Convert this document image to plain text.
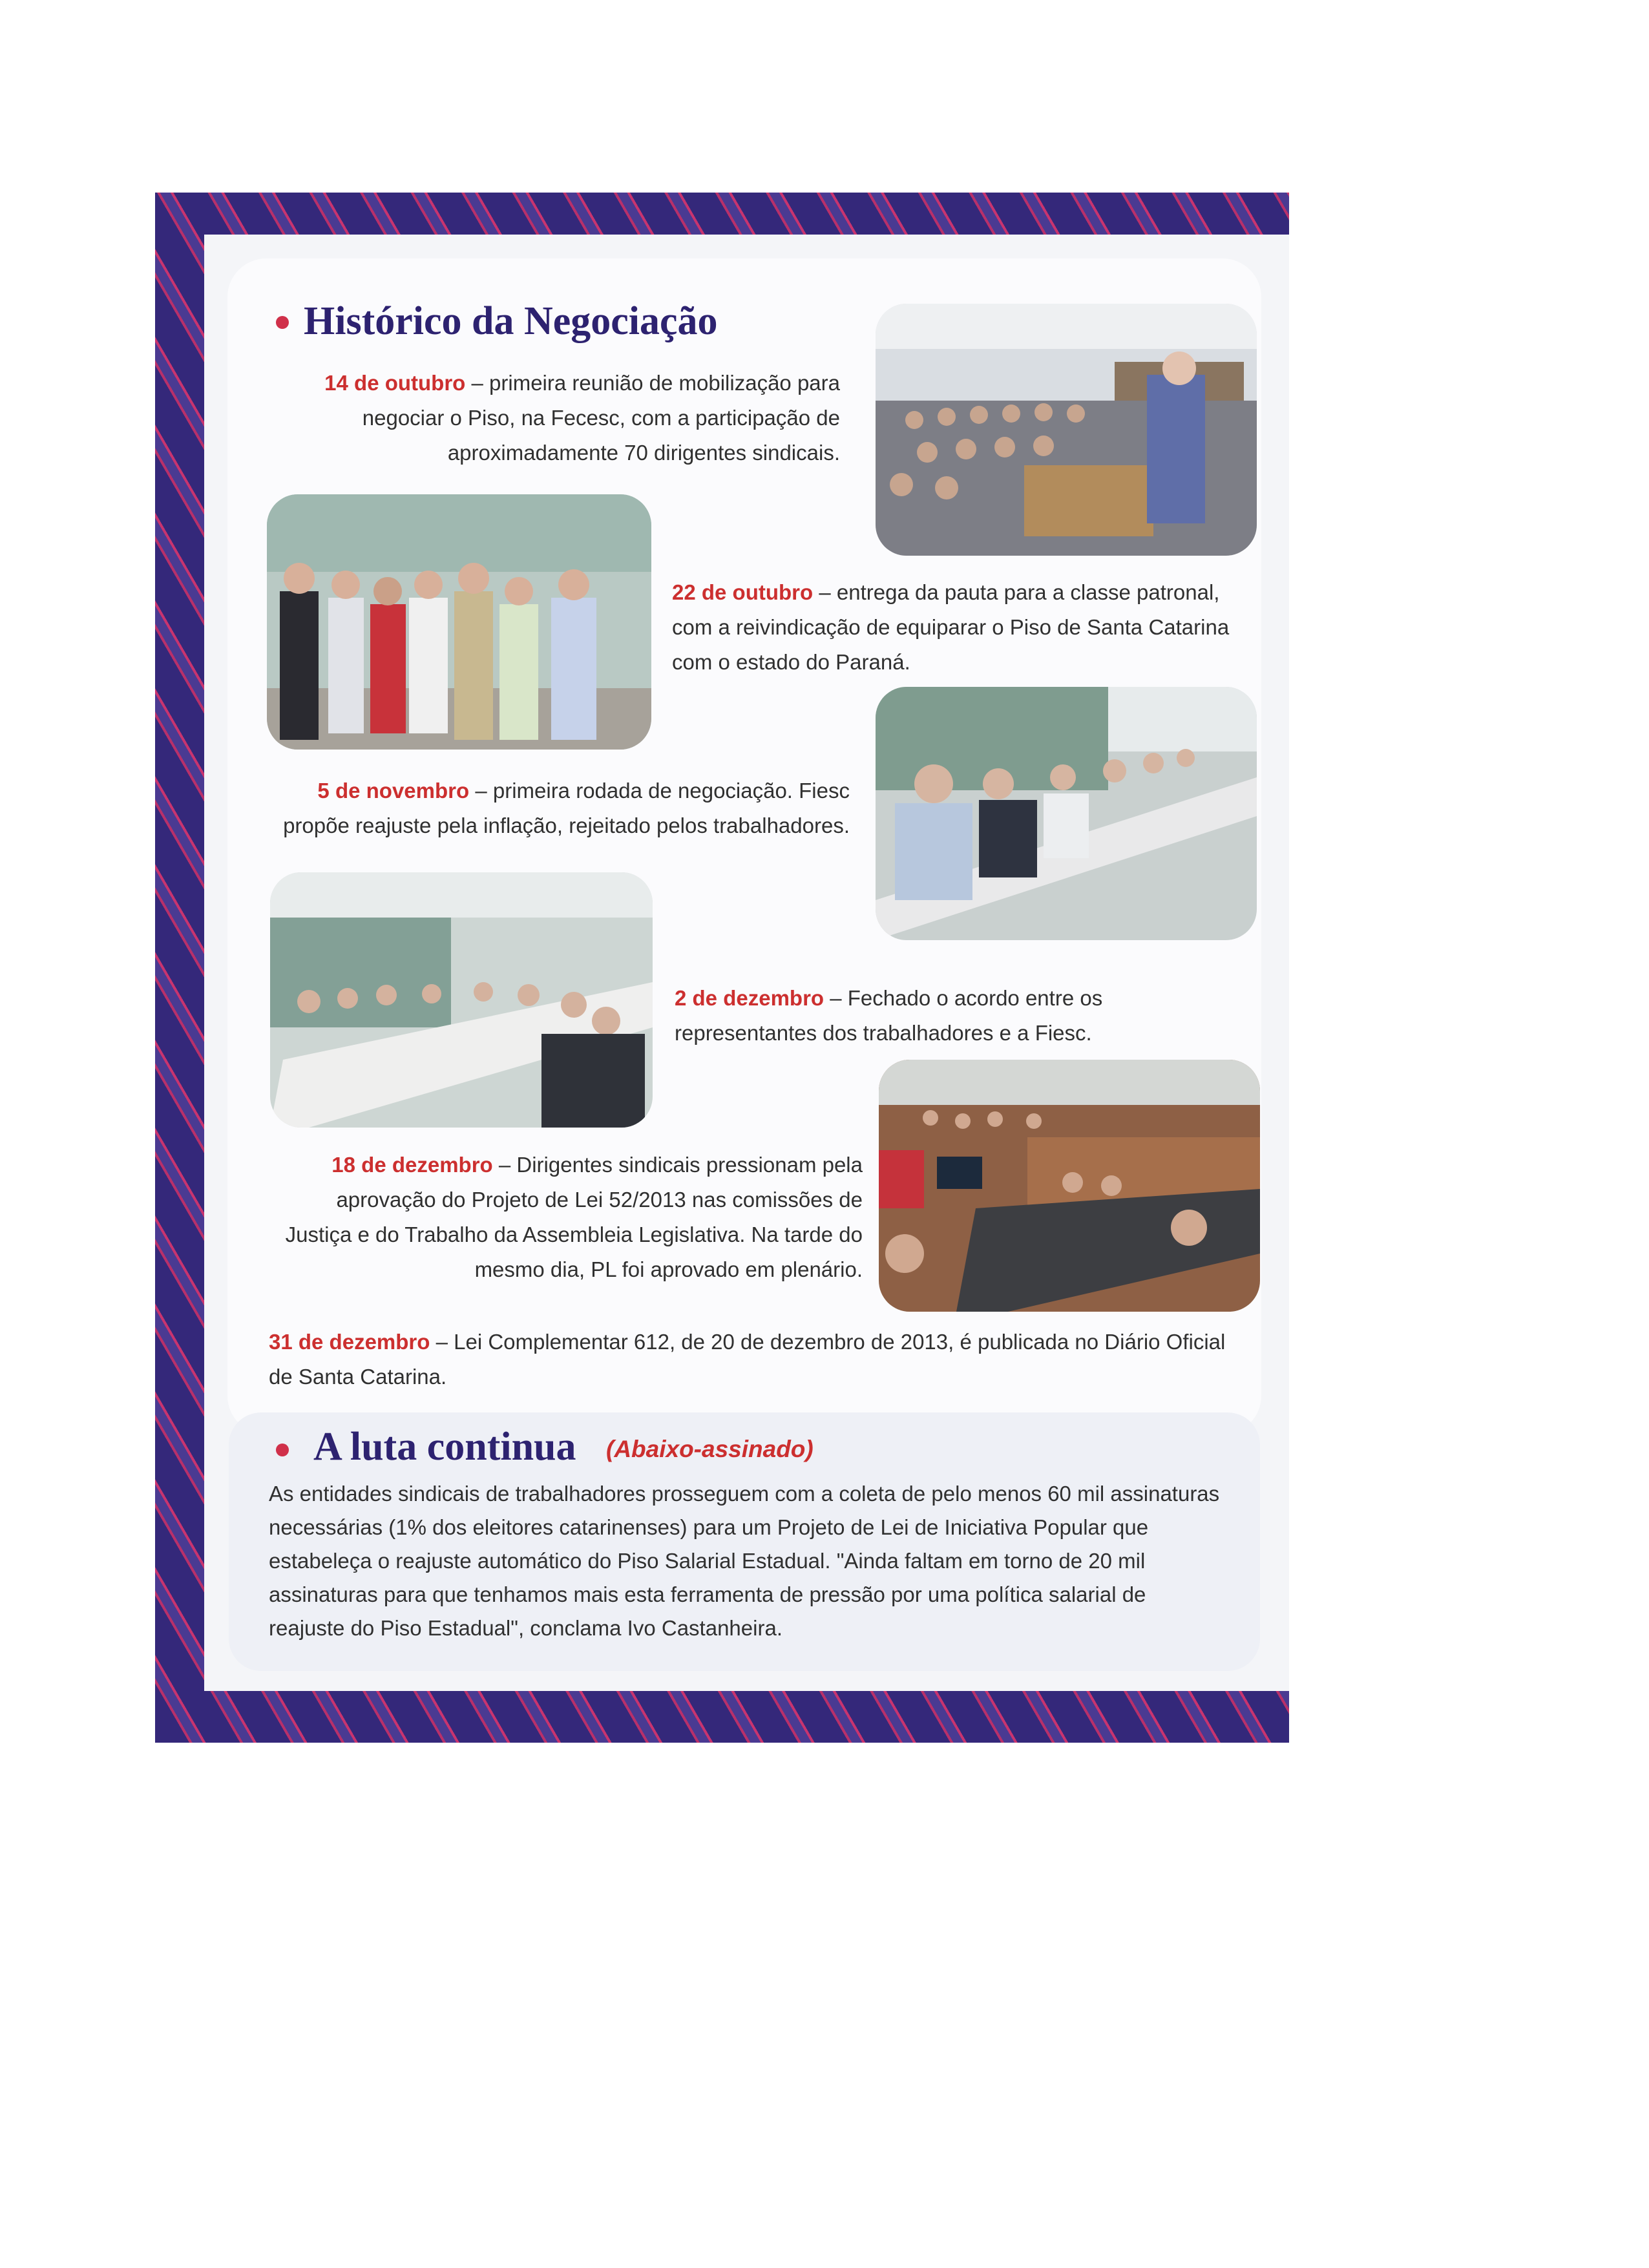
Histórico da Negociação
14 de outubro – primeira reunião de mobilização para negociar o Piso, na Fecesc, com a participação de aproximadamente 70 dirigentes sindicais.
22 de outubro – entrega da pauta para a classe patronal, com a reivindicação de equiparar o Piso de Santa Catarina com o estado do Paraná.
5 de novembro – primeira rodada de negociação. Fiesc propõe reajuste pela inflação, rejeitado pelos trabalhadores.
2 de dezembro – Fechado o acordo entre os representantes dos trabalhadores e a Fiesc.
18 de dezembro – Dirigentes sindicais pressionam pela aprovação do Projeto de Lei 52/2013 nas comissões de Justiça e do Trabalho da Assembleia Legislativa. Na tarde do mesmo dia, PL foi aprovado em plenário.
31 de dezembro – Lei Complementar 612, de 20 de dezembro de 2013, é publicada no Diário Oficial de Santa Catarina.
A luta continua (Abaixo-assinado)
As entidades sindicais de trabalhadores prosseguem com a coleta de pelo menos 60 mil assinaturas necessárias (1% dos eleitores catarinenses) para um Projeto de Lei de Iniciativa Popular que estabeleça o reajuste automático do Piso Salarial Estadual. "Ainda faltam em torno de 20 mil assinaturas para que tenhamos mais esta ferramenta de pressão por uma política salarial de reajuste do Piso Estadual", conclama Ivo Castanheira.
